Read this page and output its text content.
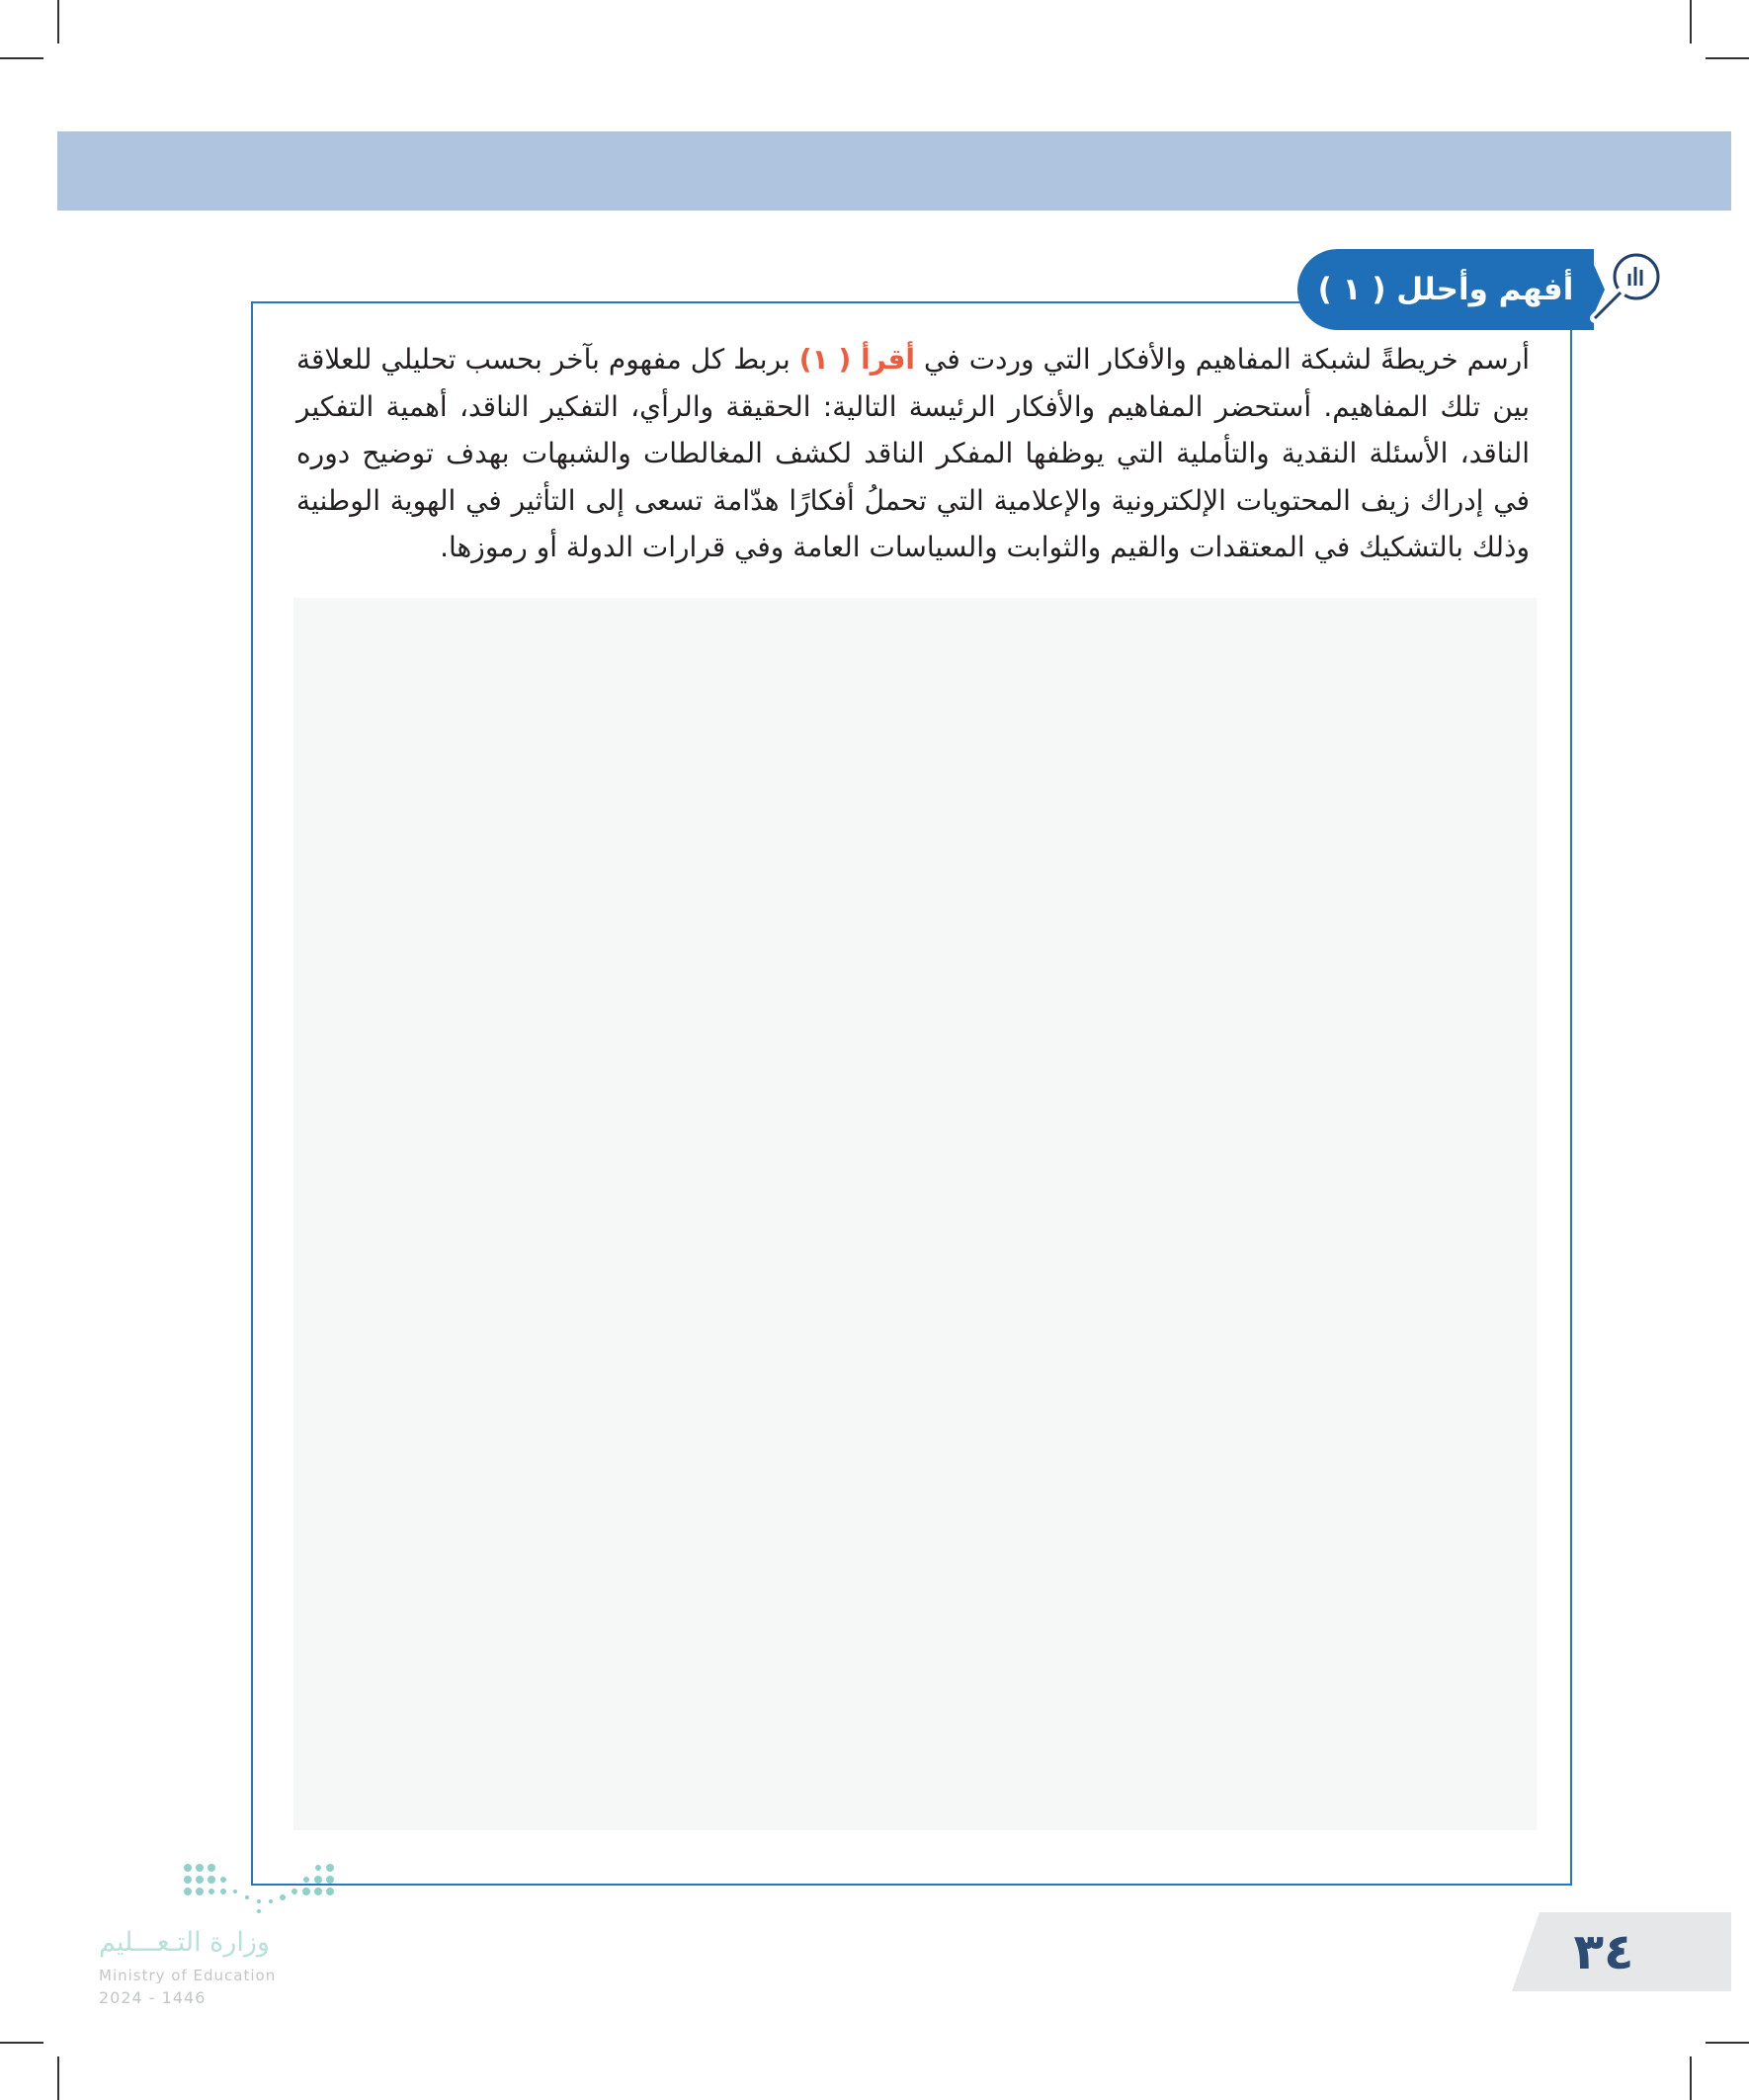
أفهم وأحلل ( ١ )
أرسم خريطةً لشبكة المفاهيم والأفكار التي وردت في أقرأ ( ١) بربط كل مفهوم بآخر بحسب تحليلي للعلاقة بين تلك المفاهيم. أستحضر المفاهيم والأفكار الرئيسة التالية: الحقيقة والرأي، التفكير الناقد، أهمية التفكير الناقد، الأسئلة النقدية والتأملية التي يوظفها المفكر الناقد لكشف المغالطات والشبهات بهدف توضيح دوره في إدراك زيف المحتويات الإلكترونية والإعلامية التي تحملُ أفكارًا هدّامة تسعى إلى التأثير في الهوية الوطنية وذلك بالتشكيك في المعتقدات والقيم والثوابت والسياسات العامة وفي قرارات الدولة أو رموزها.
وزارة التـعـــليم
Ministry of Education
2024 - 1446
٣٤
